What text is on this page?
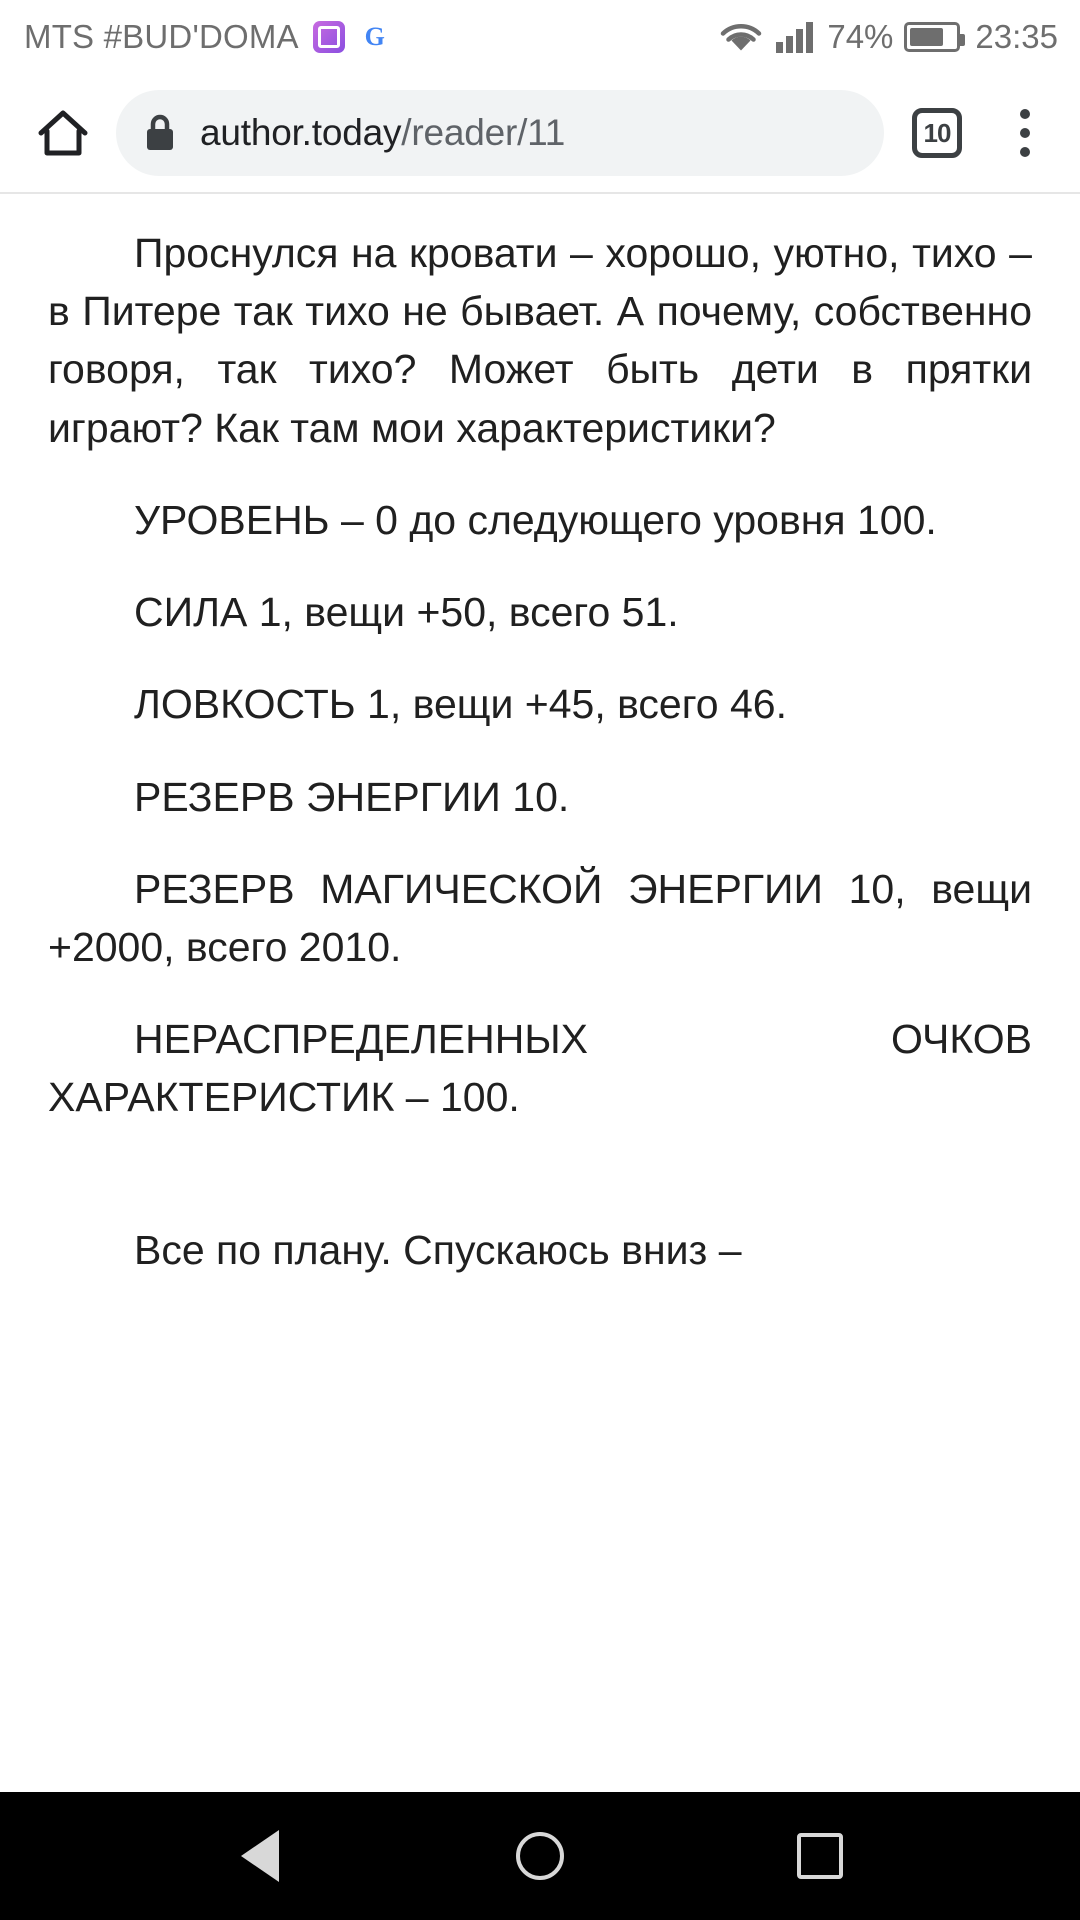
MTS #BUD'DOMA	G	74% 23:35
author.today/reader/11	10

Проснулся на кровати – хорошо, уютно, тихо – в Питере так тихо не бывает. А почему, собственно говоря, так тихо? Может быть дети в прятки играют? Как там мои характеристики?

УРОВЕНЬ – 0 до следующего уровня 100.

СИЛА 1, вещи +50, всего 51.

ЛОВКОСТЬ 1, вещи +45, всего 46.

РЕЗЕРВ ЭНЕРГИИ 10.

РЕЗЕРВ МАГИЧЕСКОЙ ЭНЕРГИИ 10, вещи +2000, всего 2010.

НЕРАСПРЕДЕЛЕННЫХ ОЧКОВ ХАРАКТЕРИСТИК – 100.

Все по плану. Спускаюсь вниз –
